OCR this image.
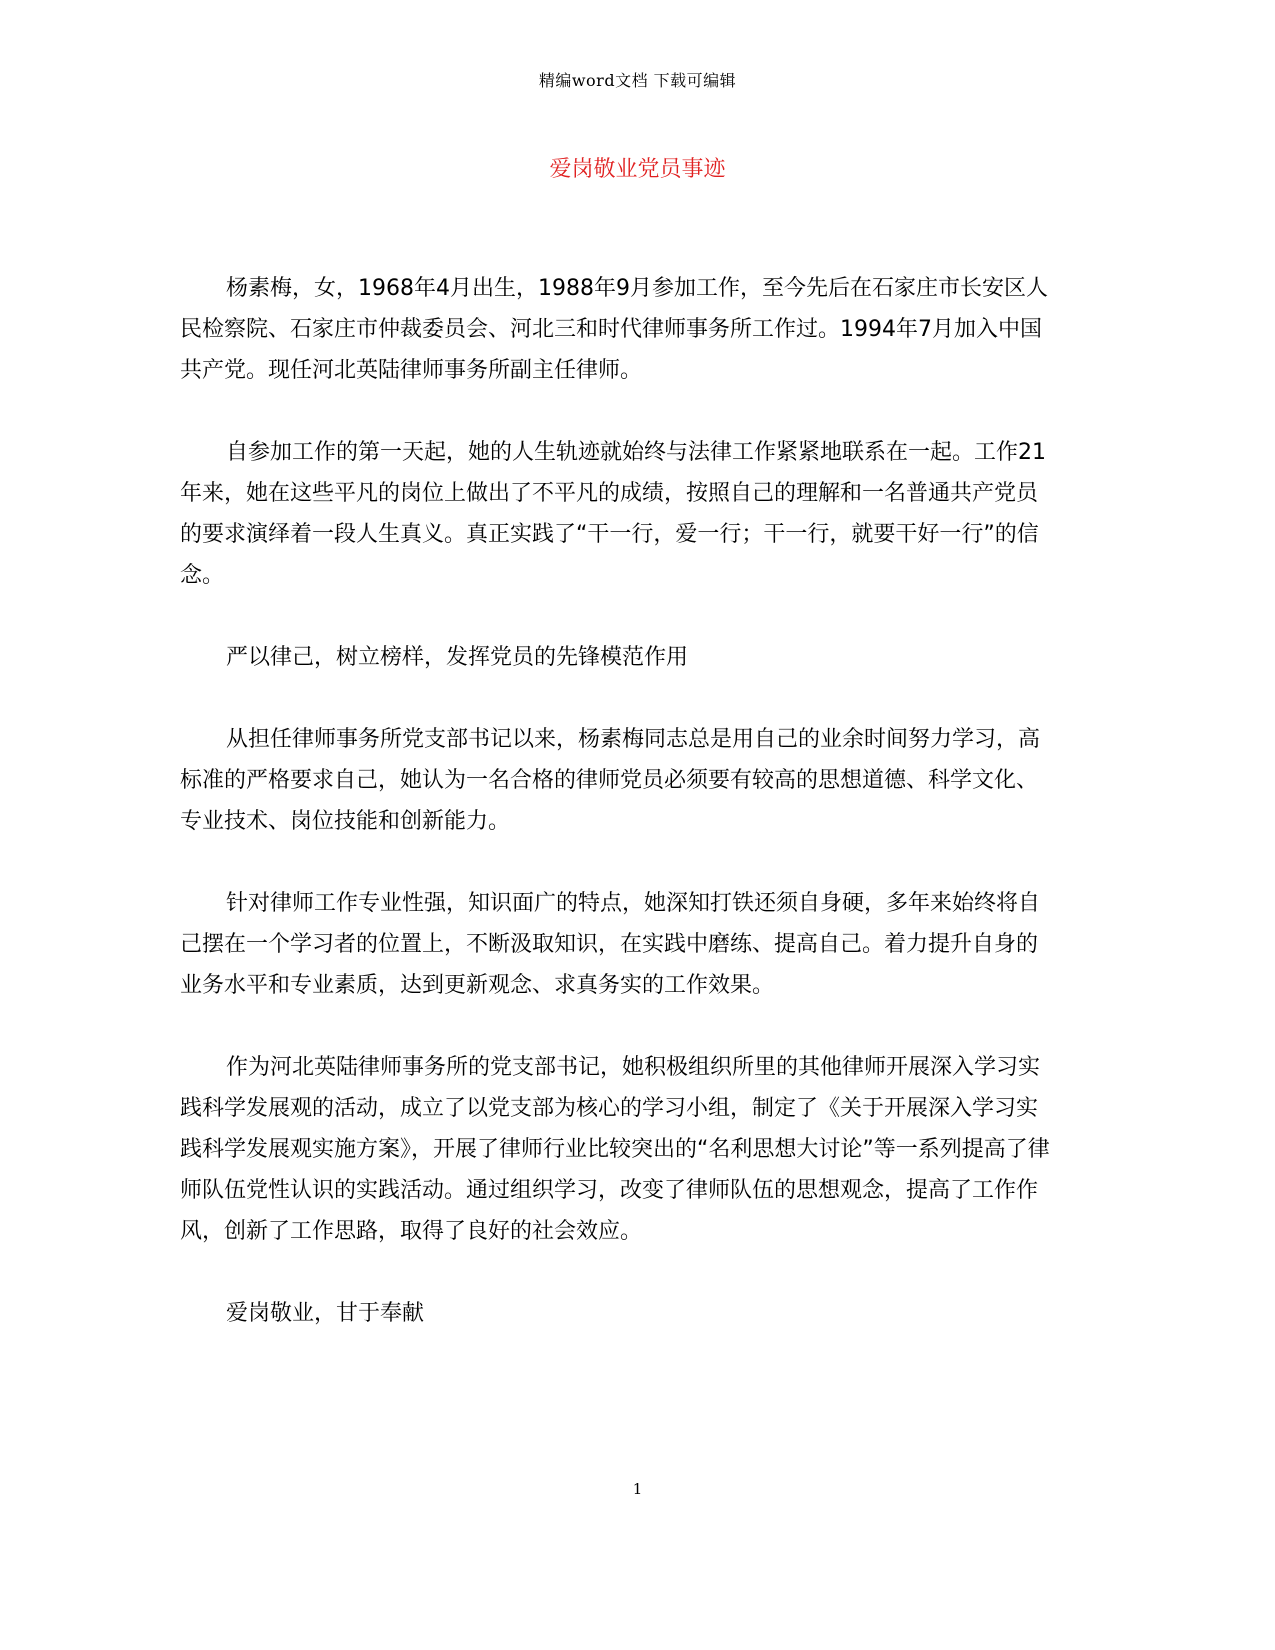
精编word文档 下载可编辑
爱岗敬业党员事迹

杨素梅，女，1968年4月出生，1988年9月参加工作，至今先后在石家庄市长安区人民检察院、石家庄市仲裁委员会、河北三和时代律师事务所工作过。1994年7月加入中国共产党。现任河北英陆律师事务所副主任律师。

自参加工作的第一天起，她的人生轨迹就始终与法律工作紧紧地联系在一起。工作21年来，她在这些平凡的岗位上做出了不平凡的成绩，按照自己的理解和一名普通共产党员的要求演绎着一段人生真义。真正实践了“干一行，爱一行；干一行，就要干好一行”的信念。

严以律己，树立榜样，发挥党员的先锋模范作用

从担任律师事务所党支部书记以来，杨素梅同志总是用自己的业余时间努力学习，高标准的严格要求自己，她认为一名合格的律师党员必须要有较高的思想道德、科学文化、专业技术、岗位技能和创新能力。

针对律师工作专业性强，知识面广的特点，她深知打铁还须自身硬，多年来始终将自己摆在一个学习者的位置上，不断汲取知识，在实践中磨练、提高自己。着力提升自身的业务水平和专业素质，达到更新观念、求真务实的工作效果。

作为河北英陆律师事务所的党支部书记，她积极组织所里的其他律师开展深入学习实践科学发展观的活动，成立了以党支部为核心的学习小组，制定了《关于开展深入学习实践科学发展观实施方案》，开展了律师行业比较突出的“名利思想大讨论”等一系列提高了律师队伍党性认识的实践活动。通过组织学习，改变了律师队伍的思想观念，提高了工作作风，创新了工作思路，取得了良好的社会效应。

爱岗敬业，甘于奉献

1
